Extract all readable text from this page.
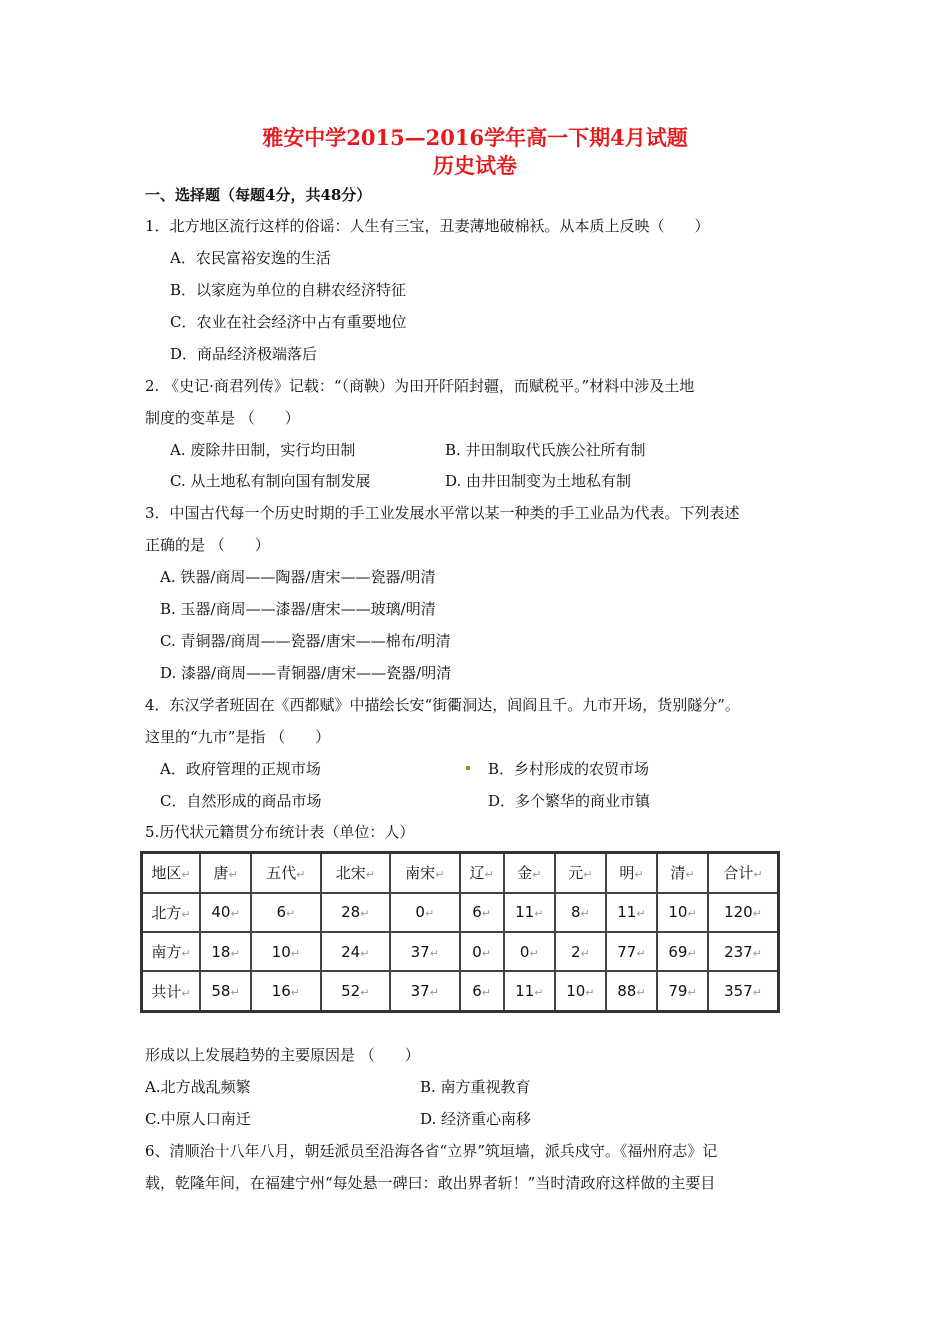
雅安中学2015—2016学年高一下期4月试题
历史试卷
一、选择题（每题4分，共48分）
1．北方地区流行这样的俗谣：人生有三宝，丑妻薄地破棉袄。从本质上反映（　　）
A．农民富裕安逸的生活
B．以家庭为单位的自耕农经济特征
C．农业在社会经济中占有重要地位
D．商品经济极端落后
2. 《史记·商君列传》记载：“（商鞅）为田开阡陌封疆，而赋税平。”材料中涉及土地
制度的变革是 （　　）
A. 废除井田制，实行均田制	B. 井田制取代氏族公社所有制
C. 从土地私有制向国有制发展	D. 由井田制变为土地私有制
3．中国古代每一个历史时期的手工业发展水平常以某一种类的手工业品为代表。下列表述
正确的是 （　　）
A. 铁器/商周——陶器/唐宋——瓷器/明清
B. 玉器/商周——漆器/唐宋——玻璃/明清
C. 青铜器/商周——瓷器/唐宋——棉布/明清
D. 漆器/商周——青铜器/唐宋——瓷器/明清
4．东汉学者班固在《西都赋》中描绘长安“街衢洞达，闾阎且千。九市开场，货别隧分”。
这里的“九市”是指 （　　）
A．政府管理的正规市场	B．乡村形成的农贸市场
C．自然形成的商品市场	D．多个繁华的商业市镇
5.历代状元籍贯分布统计表（单位：人）
地区↵	唐↵	五代↵	北宋↵	南宋↵	辽↵	金↵	元↵	明↵	清↵	合计↵
北方↵	40↵	6↵	28↵	0↵	6↵	11↵	8↵	11↵	10↵	120↵
南方↵	18↵	10↵	24↵	37↵	0↵	0↵	2↵	77↵	69↵	237↵
共计↵	58↵	16↵	52↵	37↵	6↵	11↵	10↵	88↵	79↵	357↵
形成以上发展趋势的主要原因是 （　　）
A.北方战乱频繁	B. 南方重视教育
C.中原人口南迁	D. 经济重心南移
6、清顺治十八年八月，朝廷派员至沿海各省“立界”筑垣墙，派兵戍守。《福州府志》记
载，乾隆年间，在福建宁州“每处悬一碑曰：敢出界者斩！”当时清政府这样做的主要目
